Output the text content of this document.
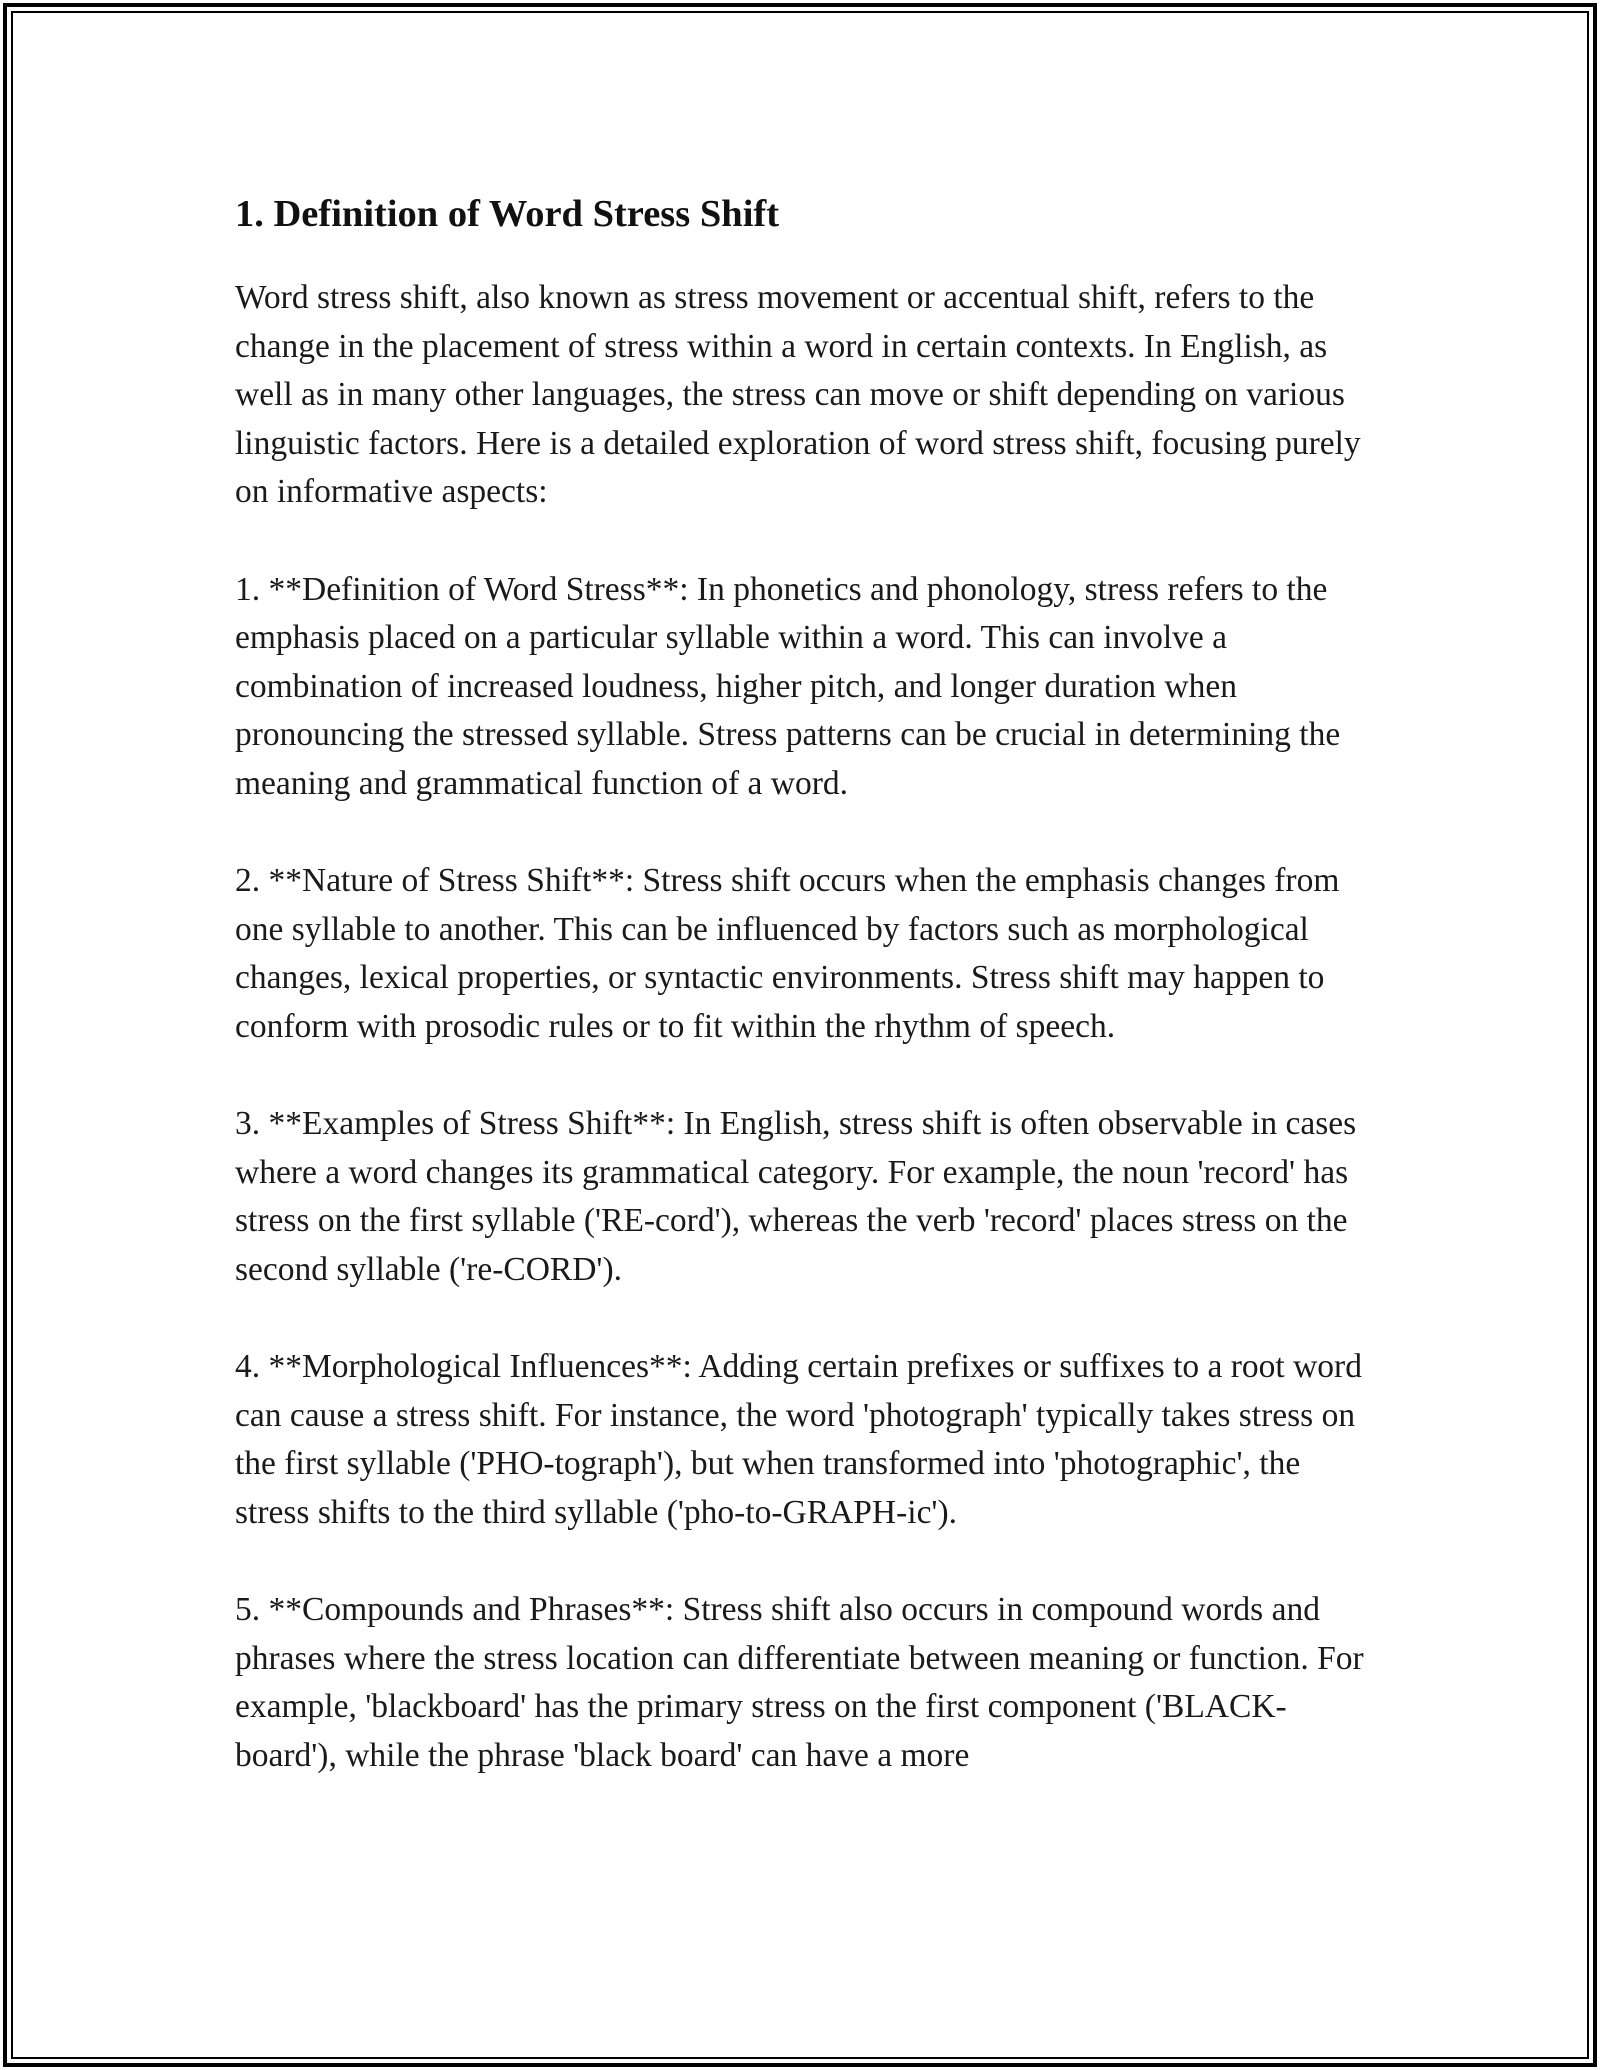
1. Definition of Word Stress Shift

Word stress shift, also known as stress movement or accentual shift, refers to the change in the placement of stress within a word in certain contexts. In English, as well as in many other languages, the stress can move or shift depending on various linguistic factors. Here is a detailed exploration of word stress shift, focusing purely on informative aspects:

1. **Definition of Word Stress**: In phonetics and phonology, stress refers to the emphasis placed on a particular syllable within a word. This can involve a combination of increased loudness, higher pitch, and longer duration when pronouncing the stressed syllable. Stress patterns can be crucial in determining the meaning and grammatical function of a word.

2. **Nature of Stress Shift**: Stress shift occurs when the emphasis changes from one syllable to another. This can be influenced by factors such as morphological changes, lexical properties, or syntactic environments. Stress shift may happen to conform with prosodic rules or to fit within the rhythm of speech.

3. **Examples of Stress Shift**: In English, stress shift is often observable in cases where a word changes its grammatical category. For example, the noun 'record' has stress on the first syllable ('RE-cord'), whereas the verb 'record' places stress on the second syllable ('re-CORD').

4. **Morphological Influences**: Adding certain prefixes or suffixes to a root word can cause a stress shift. For instance, the word 'photograph' typically takes stress on the first syllable ('PHO-tograph'), but when transformed into 'photographic', the stress shifts to the third syllable ('pho-to-GRAPH-ic').

5. **Compounds and Phrases**: Stress shift also occurs in compound words and phrases where the stress location can differentiate between meaning or function. For example, 'blackboard' has the primary stress on the first component ('BLACK-board'), while the phrase 'black board' can have a more
